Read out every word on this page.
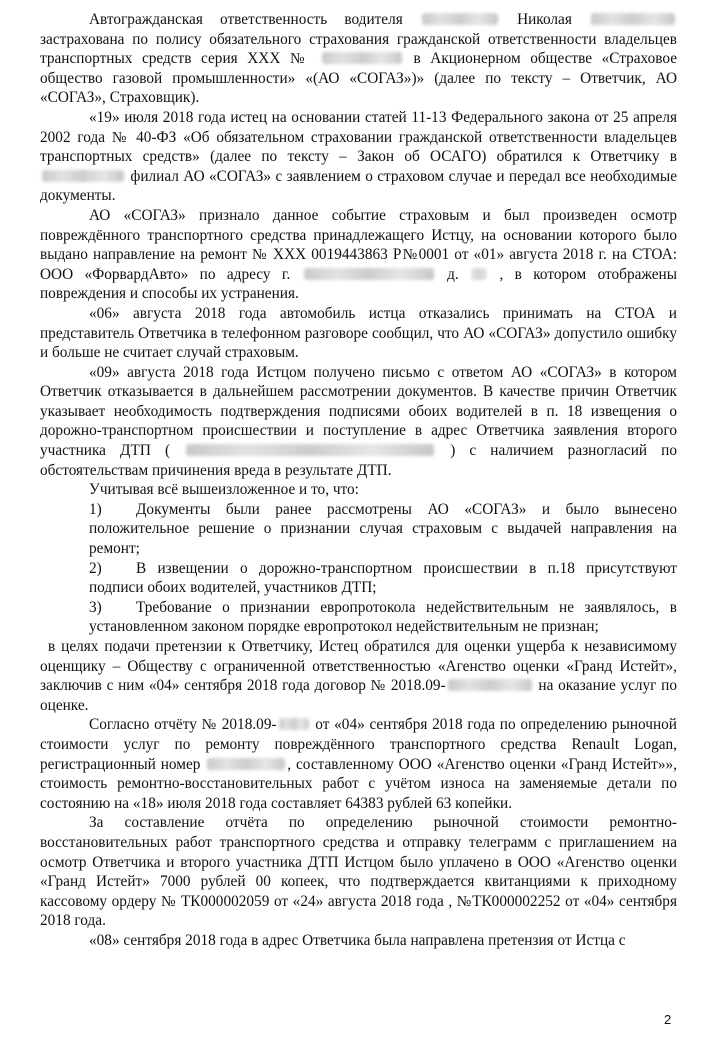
Автогражданская ответственность водителя	Николая  застрахована по полису обязательного страхования гражданской ответственности владельцев транспортных средств серия ХХХ №	в Акционерном обществе «Страховое общество газовой промышленности» «(АО «СОГАЗ»)» (далее по тексту – Ответчик, АО «СОГАЗ», Страховщик).

«19» июля 2018 года истец на основании статей 11-13 Федерального закона от 25 апреля 2002 года № 40-ФЗ «Об обязательном страховании гражданской ответственности владельцев транспортных средств» (далее по тексту – Закон об ОСАГО) обратился к Ответчику в  филиал АО «СОГАЗ» с заявлением о страховом случае и передал все необходимые документы.

АО «СОГАЗ» признало данное событие страховым и был произведен осмотр повреждённого транспортного средства принадлежащего Истцу, на основании которого было выдано направление на ремонт № ХХХ 0019443863 Р№0001 от «01» августа 2018 г. на СТОА: ООО «ФорвардАвто» по адресу г.	д.	, в котором отображены повреждения и способы их устранения.

«06» августа 2018 года автомобиль истца отказались принимать на СТОА и представитель Ответчика в телефонном разговоре сообщил, что АО «СОГАЗ» допустило ошибку и больше не считает случай страховым.

«09» августа 2018 года Истцом получено письмо с ответом АО «СОГАЗ» в котором Ответчик отказывается в дальнейшем рассмотрении документов. В качестве причин Ответчик указывает необходимость подтверждения подписями обоих водителей в п. 18 извещения о дорожно-транспортном происшествии и поступление в адрес Ответчика заявления второго участника ДТП (	) с наличием разногласий по обстоятельствам причинения вреда в результате ДТП.

Учитывая всё вышеизложенное и то, что:

1) Документы были ранее рассмотрены АО «СОГАЗ» и было вынесено положительное решение о признании случая страховым с выдачей направления на ремонт;

2) В извещении о дорожно-транспортном происшествии в п.18 присутствуют подписи обоих водителей, участников ДТП;

3) Требование о признании европротокола недействительным не заявлялось, в установленном законом порядке европротокол недействительным не признан;

в целях подачи претензии к Ответчику, Истец обратился для оценки ущерба к независимому оценщику – Обществу с ограниченной ответственностью «Агенство оценки «Гранд Истейт», заключив с ним «04» сентября 2018 года договор № 2018.09-	на оказание услуг по оценке.

Согласно отчёту № 2018.09-	от «04» сентября 2018 года по определению рыночной стоимости услуг по ремонту повреждённого транспортного средства Renault Logan, регистрационный номер	, составленному ООО «Агенство оценки «Гранд Истейт»», стоимость ремонтно-восстановительных работ с учётом износа на заменяемые детали по состоянию на «18» июля 2018 года составляет 64383 рублей 63 копейки.

За составление отчёта по определению рыночной стоимости ремонтно-восстановительных работ транспортного средства и отправку телеграмм с приглашением на осмотр Ответчика и второго участника ДТП Истцом было уплачено в ООО «Агенство оценки «Гранд Истейт» 7000 рублей 00 копеек, что подтверждается квитанциями к приходному кассовому ордеру № ТК000002059 от «24» августа 2018 года , №ТК000002252 от «04» сентября 2018 года.

«08» сентября 2018 года в адрес Ответчика была направлена претензия от Истца с

2
